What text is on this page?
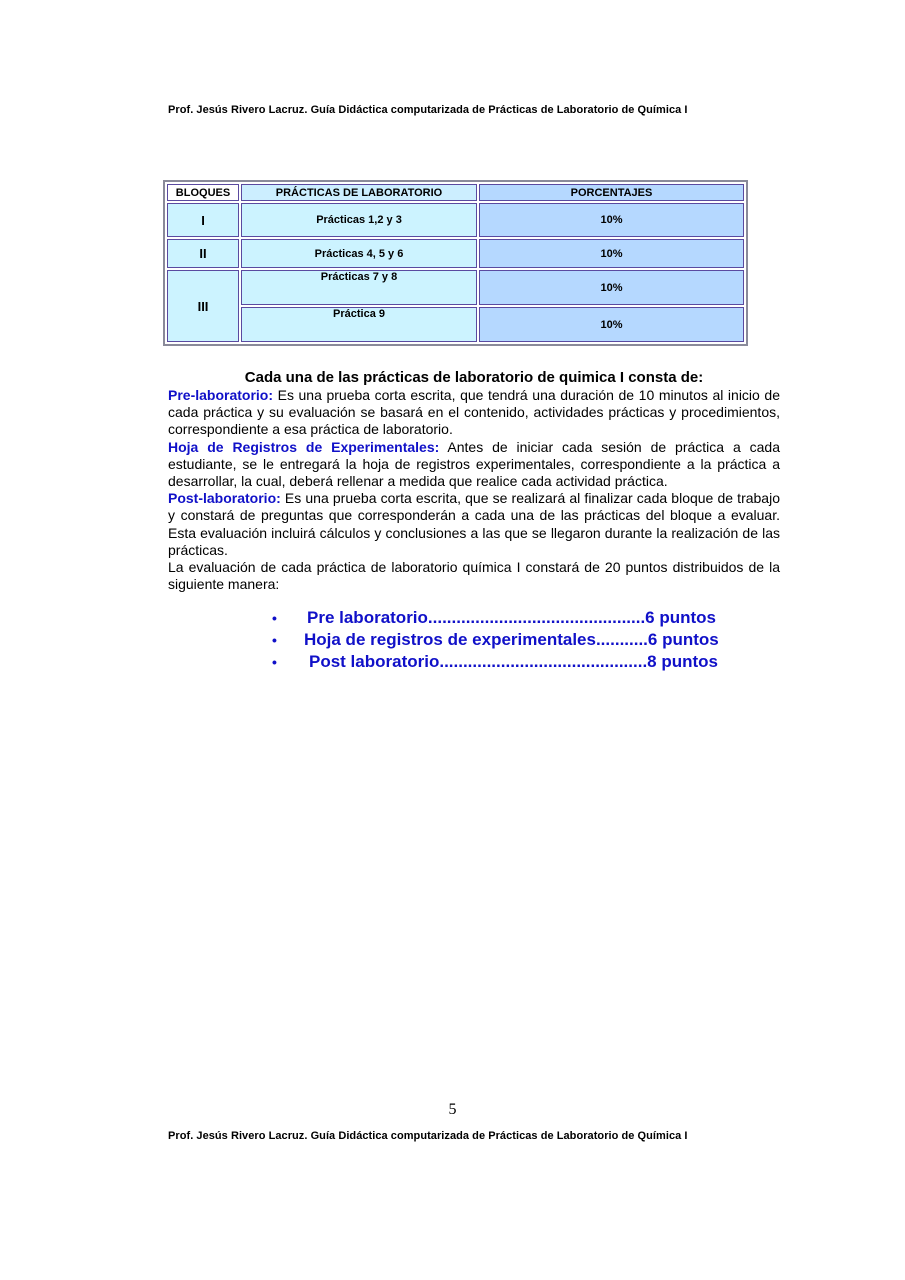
Prof. Jesús Rivero Lacruz. Guía Didáctica computarizada de Prácticas de Laboratorio de Química I
BLOQUES	PRÁCTICAS DE LABORATORIO	PORCENTAJES
I	Prácticas 1,2 y 3	10%
II	Prácticas 4, 5 y 6	10%
III	Prácticas 7 y 8	10%
	Práctica 9	10%
Cada una de las prácticas de laboratorio de quimica I consta de:

Pre-laboratorio: Es una prueba corta escrita, que tendrá una duración de 10 minutos al inicio de cada práctica y su evaluación se basará en el contenido, actividades prácticas y procedimientos, correspondiente a esa práctica de laboratorio.

Hoja de Registros de Experimentales: Antes de iniciar cada sesión de práctica a cada estudiante, se le entregará la hoja de registros experimentales, correspondiente a la práctica a desarrollar, la cual, deberá rellenar a medida que realice cada actividad práctica.

Post-laboratorio: Es una prueba corta escrita, que se realizará al finalizar cada bloque de trabajo y constará de preguntas que corresponderán a cada una de las prácticas del bloque a evaluar. Esta evaluación incluirá cálculos y conclusiones a las que se llegaron durante la realización de las prácticas.

La evaluación de cada práctica de laboratorio química I constará de 20 puntos distribuidos de la siguiente manera:

•	Pre laboratorio..............................................6 puntos
•	Hoja de registros de experimentales...........6 puntos
•	Post laboratorio............................................8 puntos
5
Prof. Jesús Rivero Lacruz. Guía Didáctica computarizada de Prácticas de Laboratorio de Química I
